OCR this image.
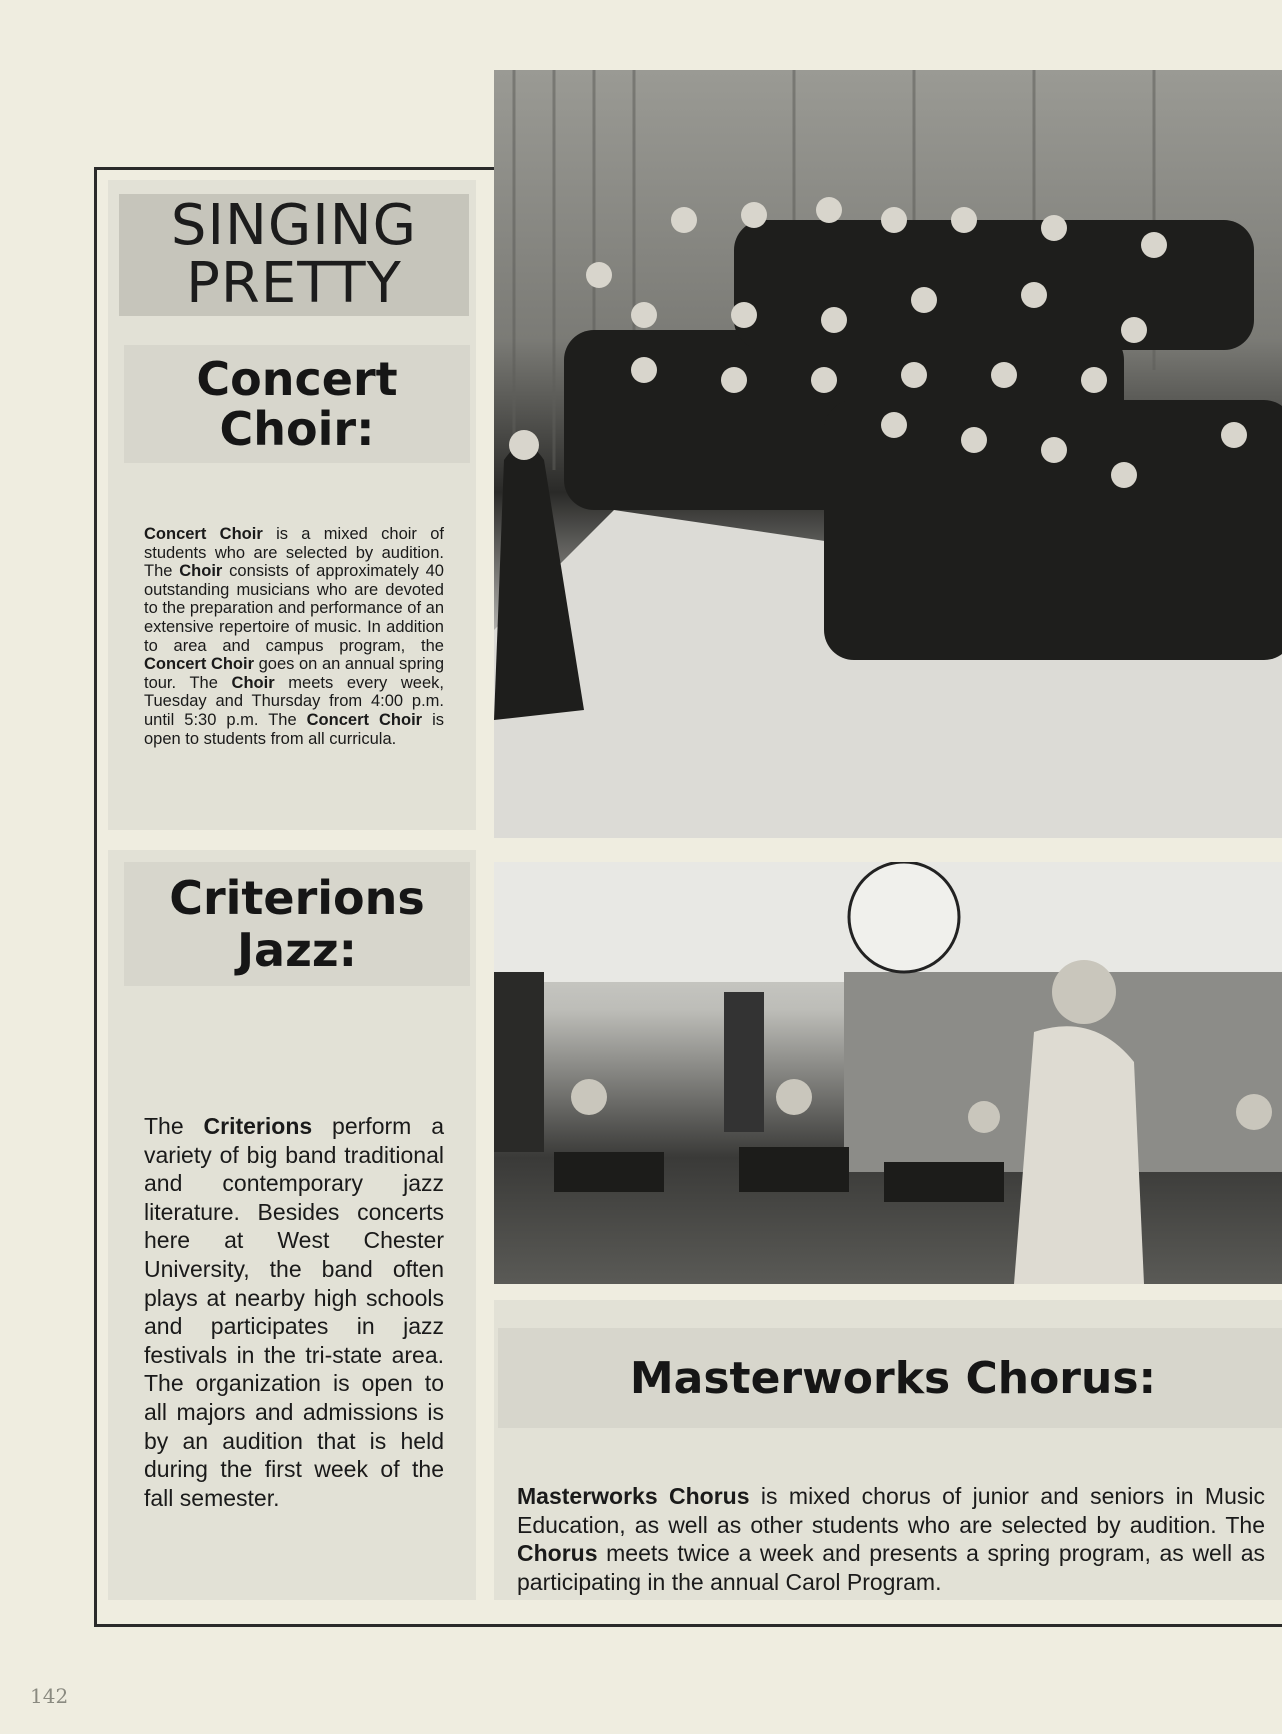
SINGING
PRETTY
Concert
Choir:
Concert Choir is a mixed choir of students who are selected by audition. The Choir consists of approximately 40 outstanding musicians who are devoted to the preparation and performance of an extensive repertoire of music. In addition to area and campus program, the Concert Choir goes on an annual spring tour. The Choir meets every week, Tuesday and Thursday from 4:00 p.m. until 5:30 p.m. The Concert Choir is open to students from all curricula.
Criterions
Jazz:
The Criterions perform a variety of big band traditional and contemporary jazz literature. Besides concerts here at West Chester University, the band often plays at nearby high schools and participates in jazz festivals in the tri-state area. The organization is open to all majors and admissions is by an audition that is held during the first week of the fall semester.
Masterworks Chorus:
Masterworks Chorus is mixed chorus of junior and seniors in Music Education, as well as other students who are selected by audition. The Chorus meets twice a week and presents a spring program, as well as participating in the annual Carol Program.
142
